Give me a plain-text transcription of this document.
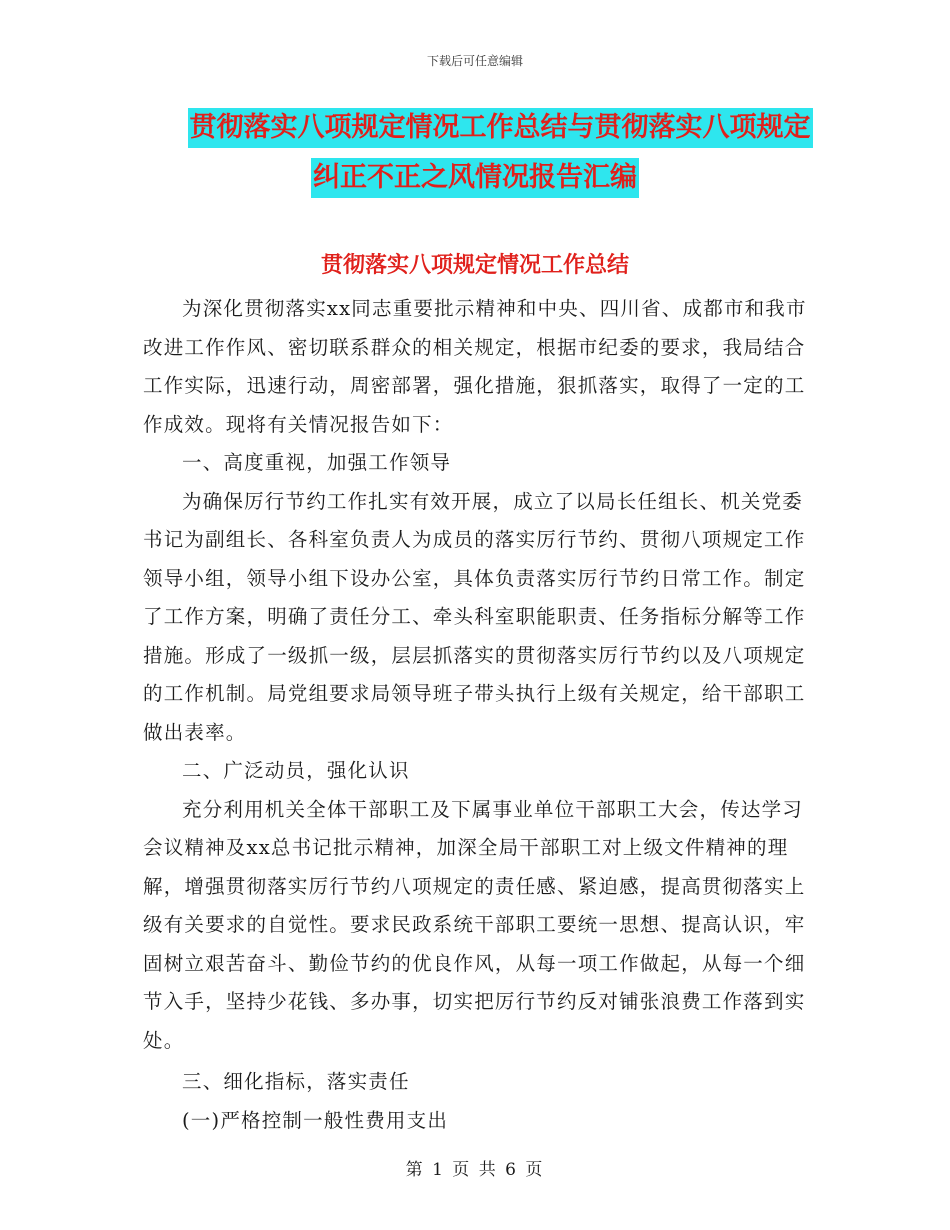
下载后可任意编辑
贯彻落实八项规定情况工作总结与贯彻落实八项规定
纠正不正之风情况报告汇编
贯彻落实八项规定情况工作总结

为深化贯彻落实xx同志重要批示精神和中央、四川省、成都市和我市改进工作作风、密切联系群众的相关规定，根据市纪委的要求，我局结合工作实际，迅速行动，周密部署，强化措施，狠抓落实，取得了一定的工作成效。现将有关情况报告如下：

一、高度重视，加强工作领导

为确保厉行节约工作扎实有效开展，成立了以局长任组长、机关党委书记为副组长、各科室负责人为成员的落实厉行节约、贯彻八项规定工作领导小组，领导小组下设办公室，具体负责落实厉行节约日常工作。制定了工作方案，明确了责任分工、牵头科室职能职责、任务指标分解等工作措施。形成了一级抓一级，层层抓落实的贯彻落实厉行节约以及八项规定的工作机制。局党组要求局领导班子带头执行上级有关规定，给干部职工做出表率。

二、广泛动员，强化认识

充分利用机关全体干部职工及下属事业单位干部职工大会，传达学习会议精神及xx总书记批示精神，加深全局干部职工对上级文件精神的理解，增强贯彻落实厉行节约八项规定的责任感、紧迫感，提高贯彻落实上级有关要求的自觉性。要求民政系统干部职工要统一思想、提高认识，牢固树立艰苦奋斗、勤俭节约的优良作风，从每一项工作做起，从每一个细节入手，坚持少花钱、多办事，切实把厉行节约反对铺张浪费工作落到实处。

三、细化指标，落实责任

(一)严格控制一般性费用支出

第 1 页 共 6 页
